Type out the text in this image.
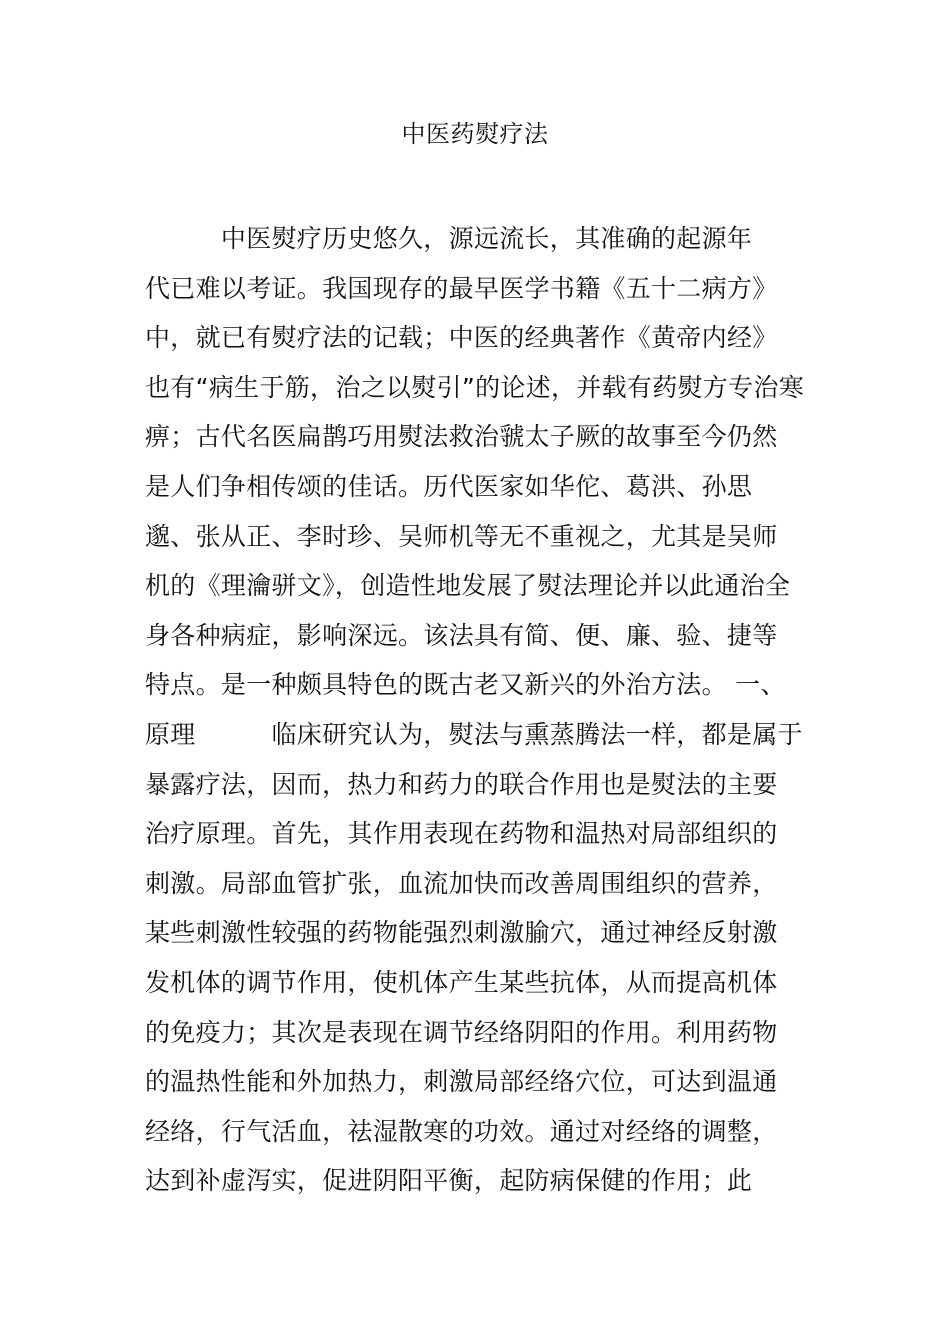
中医药熨疗法
　　　中医熨疗历史悠久，源远流长，其准确的起源年
代已难以考证。我国现存的最早医学书籍《五十二病方》
中，就已有熨疗法的记载；中医的经典著作《黄帝内经》
也有“病生于筋，治之以熨引”的论述，并载有药熨方专治寒
痹；古代名医扁鹊巧用熨法救治虢太子厥的故事至今仍然
是人们争相传颂的佳话。历代医家如华佗、葛洪、孙思
邈、张从正、李时珍、吴师机等无不重视之，尤其是吴师
机的《理瀹骈文》，创造性地发展了熨法理论并以此通治全
身各种病症，影响深远。该法具有简、便、廉、验、捷等
特点。是一种颇具特色的既古老又新兴的外治方法。 一、
原理　　　临床研究认为，熨法与熏蒸腾法一样，都是属于
暴露疗法，因而，热力和药力的联合作用也是熨法的主要
治疗原理。首先，其作用表现在药物和温热对局部组织的
刺激。局部血管扩张，血流加快而改善周围组织的营养，
某些刺激性较强的药物能强烈刺激腧穴，通过神经反射激
发机体的调节作用，使机体产生某些抗体，从而提高机体
的免疫力；其次是表现在调节经络阴阳的作用。利用药物
的温热性能和外加热力，刺激局部经络穴位，可达到温通
经络，行气活血，祛湿散寒的功效。通过对经络的调整，
达到补虚泻实，促进阴阳平衡，起防病保健的作用；此
